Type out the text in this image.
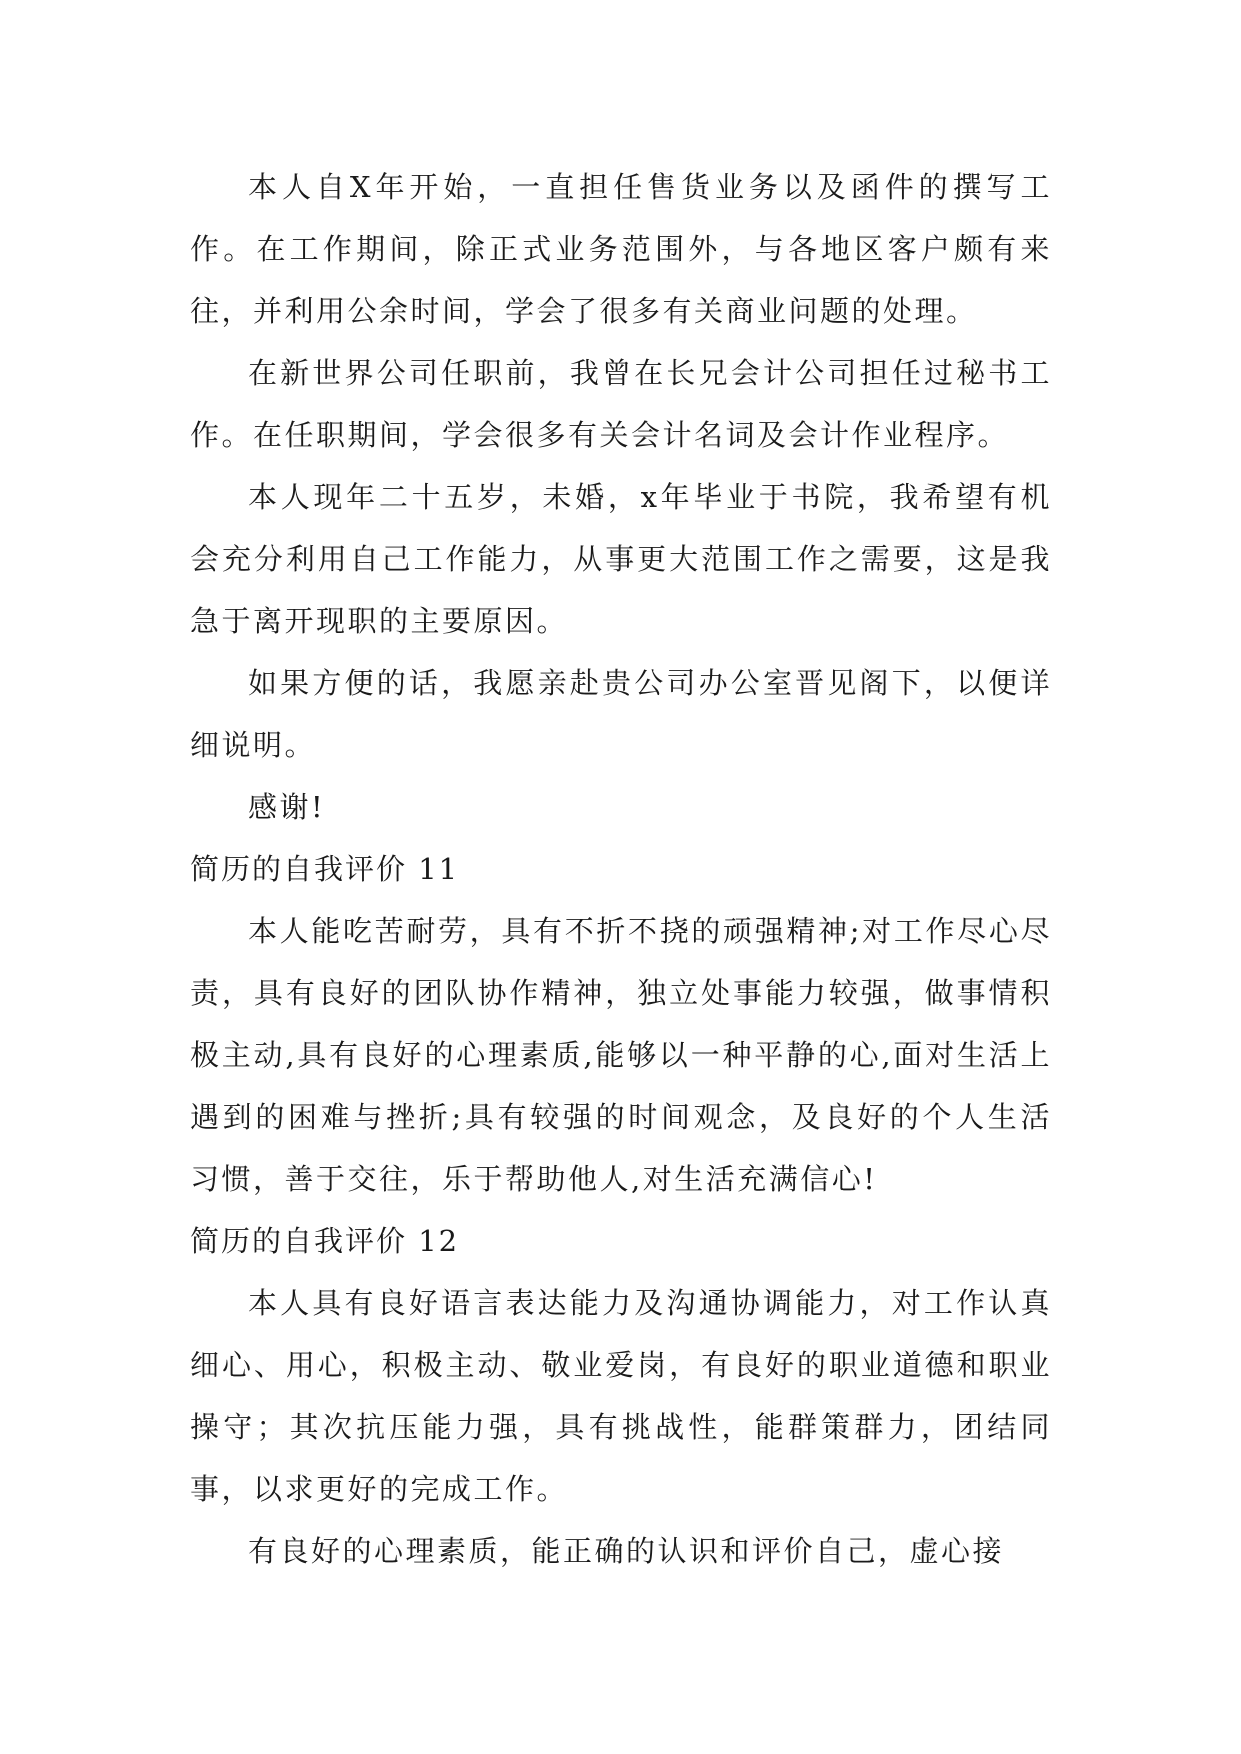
本人自X年开始，一直担任售货业务以及函件的撰写工作。在工作期间，除正式业务范围外，与各地区客户颇有来往，并利用公余时间，学会了很多有关商业问题的处理。

在新世界公司任职前，我曾在长兄会计公司担任过秘书工作。在任职期间，学会很多有关会计名词及会计作业程序。

本人现年二十五岁，未婚，x年毕业于书院，我希望有机会充分利用自己工作能力，从事更大范围工作之需要，这是我急于离开现职的主要原因。

如果方便的话，我愿亲赴贵公司办公室晋见阁下，以便详细说明。

感谢!

简历的自我评价 11

本人能吃苦耐劳，具有不折不挠的顽强精神;对工作尽心尽责，具有良好的团队协作精神，独立处事能力较强，做事情积极主动,具有良好的心理素质,能够以一种平静的心,面对生活上遇到的困难与挫折;具有较强的时间观念，及良好的个人生活习惯，善于交往，乐于帮助他人,对生活充满信心!

简历的自我评价 12

本人具有良好语言表达能力及沟通协调能力，对工作认真细心、用心，积极主动、敬业爱岗，有良好的职业道德和职业操守；其次抗压能力强，具有挑战性，能群策群力，团结同事，以求更好的完成工作。

有良好的心理素质，能正确的认识和评价自己，虚心接
